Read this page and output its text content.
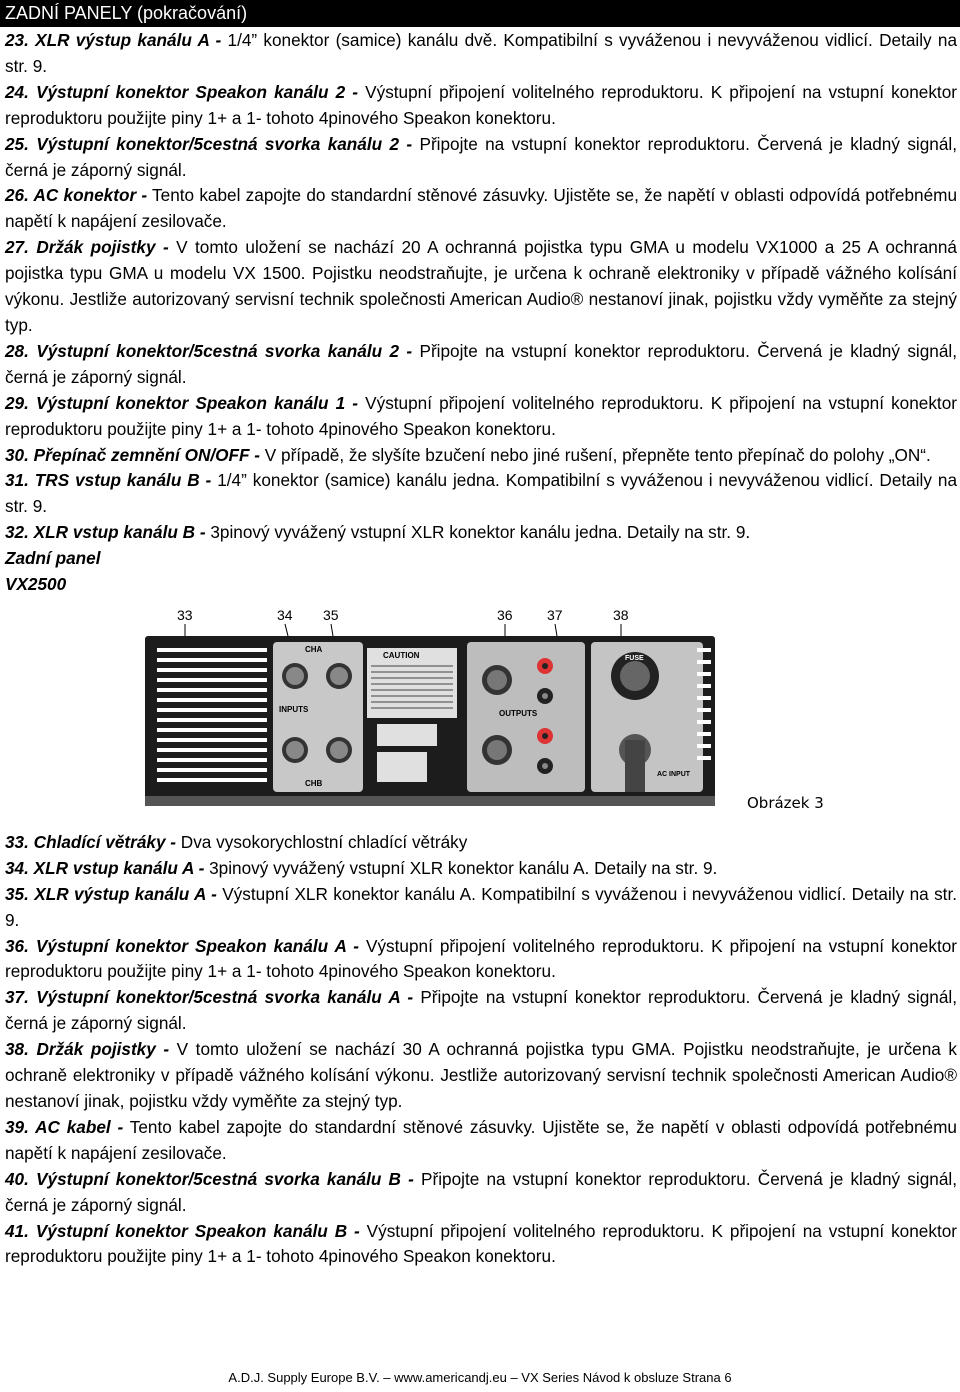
ZADNÍ PANELY (pokračování)

23. XLR výstup kanálu A - 1/4” konektor (samice) kanálu dvě. Kompatibilní s vyváženou i nevyváženou vidlicí. Detaily na str. 9.

24. Výstupní konektor Speakon kanálu 2 - Výstupní připojení volitelného reproduktoru. K připojení na vstupní konektor reproduktoru použijte piny 1+ a 1- tohoto 4pinového Speakon konektoru.

25. Výstupní konektor/5cestná svorka kanálu 2 - Připojte na vstupní konektor reproduktoru. Červená je kladný signál, černá je záporný signál.

26. AC konektor - Tento kabel zapojte do standardní stěnové zásuvky. Ujistěte se, že napětí v oblasti odpovídá potřebnému napětí k napájení zesilovače.

27. Držák pojistky - V tomto uložení se nachází 20 A ochranná pojistka typu GMA u modelu VX1000 a 25 A ochranná pojistka typu GMA u modelu VX 1500. Pojistku neodstraňujte, je určena k ochraně elektroniky v případě vážného kolísání výkonu. Jestliže autorizovaný servisní technik společnosti American Audio® nestanoví jinak, pojistku vždy vyměňte za stejný typ.

28. Výstupní konektor/5cestná svorka kanálu 2 - Připojte na vstupní konektor reproduktoru. Červená je kladný signál, černá je záporný signál.

29. Výstupní konektor Speakon kanálu 1 - Výstupní připojení volitelného reproduktoru. K připojení na vstupní konektor reproduktoru použijte piny 1+ a 1- tohoto 4pinového Speakon konektoru.

30. Přepínač zemnění ON/OFF - V případě, že slyšíte bzučení nebo jiné rušení, přepněte tento přepínač do polohy „ON“.

31. TRS vstup kanálu B - 1/4” konektor (samice) kanálu jedna. Kompatibilní s vyváženou i nevyváženou vidlicí. Detaily na str. 9.

32. XLR vstup kanálu B - 3pinový vyvážený vstupní XLR konektor kanálu jedna. Detaily na str. 9.

Zadní panel

VX2500

33	34 35	36 37	38
CHA
INPUTS
CHB
CAUTION
OUTPUTS
FUSE
AC INPUT
Obrázek 3

33. Chladící větráky - Dva vysokorychlostní chladící větráky

34. XLR vstup kanálu A - 3pinový vyvážený vstupní XLR konektor kanálu A. Detaily na str. 9.

35. XLR výstup kanálu A - Výstupní XLR konektor kanálu A. Kompatibilní s vyváženou i nevyváženou vidlicí. Detaily na str. 9.

36. Výstupní konektor Speakon kanálu A - Výstupní připojení volitelného reproduktoru. K připojení na vstupní konektor reproduktoru použijte piny 1+ a 1- tohoto 4pinového Speakon konektoru.

37. Výstupní konektor/5cestná svorka kanálu A - Připojte na vstupní konektor reproduktoru. Červená je kladný signál, černá je záporný signál.

38. Držák pojistky - V tomto uložení se nachází 30 A ochranná pojistka typu GMA. Pojistku neodstraňujte, je určena k ochraně elektroniky v případě vážného kolísání výkonu. Jestliže autorizovaný servisní technik společnosti American Audio® nestanoví jinak, pojistku vždy vyměňte za stejný typ.

39. AC kabel - Tento kabel zapojte do standardní stěnové zásuvky. Ujistěte se, že napětí v oblasti odpovídá potřebnému napětí k napájení zesilovače.

40. Výstupní konektor/5cestná svorka kanálu B - Připojte na vstupní konektor reproduktoru. Červená je kladný signál, černá je záporný signál.

41. Výstupní konektor Speakon kanálu B - Výstupní připojení volitelného reproduktoru. K připojení na vstupní konektor reproduktoru použijte piny 1+ a 1- tohoto 4pinového Speakon konektoru.

A.D.J. Supply Europe B.V. – www.americandj.eu – VX Series Návod k obsluze Strana 6
